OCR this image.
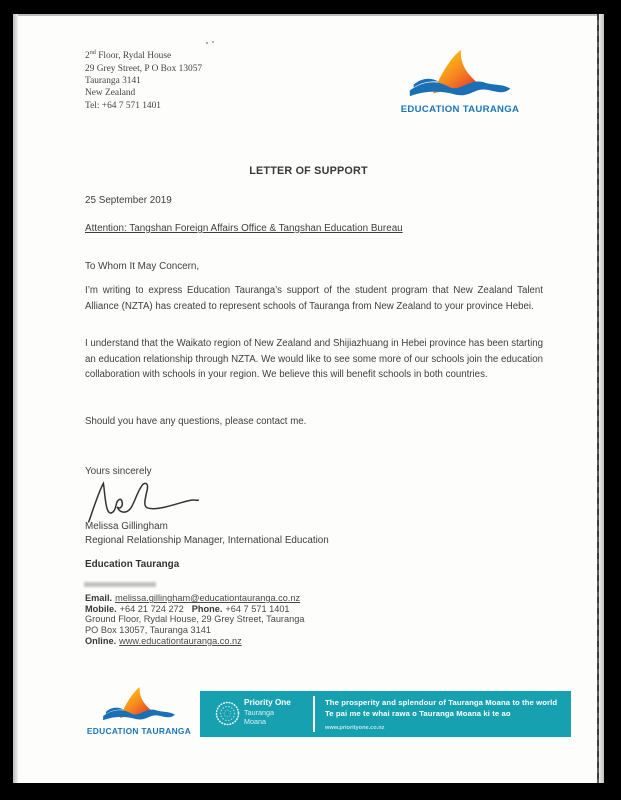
2nd Floor, Rydal House
29 Grey Street, P O Box 13057
Tauranga 3141
New Zealand
Tel: +64 7 571 1401	EDUCATION TAURANGA
LETTER OF SUPPORT
25 September 2019
Attention: Tangshan Foreign Affairs Office & Tangshan Education Bureau
To Whom It May Concern,

I’m writing to express Education Tauranga’s support of the student program that New Zealand Talent Alliance (NZTA) has created to represent schools of Tauranga from New Zealand to your province Hebei.

I understand that the Waikato region of New Zealand and Shijiazhuang in Hebei province has been starting an education relationship through NZTA. We would like to see some more of our schools join the education collaboration with schools in your region. We believe this will benefit schools in both countries.

Should you have any questions, please contact me.

Yours sincerely
Melissa Gillingham
Regional Relationship Manager, International Education
Education Tauranga
Email. melissa.gillingham@educationtauranga.co.nz
Mobile. +64 21 724 272 Phone. +64 7 571 1401
Ground Floor, Rydal House, 29 Grey Street, Tauranga
PO Box 13057, Tauranga 3141
Online. www.educationtauranga.co.nz
EDUCATION TAURANGA
Priority One
Tauranga
Moana
The prosperity and splendour of Tauranga Moana to the world
Te pai me te whai rawa o Tauranga Moana ki te ao
www.priorityone.co.nz
